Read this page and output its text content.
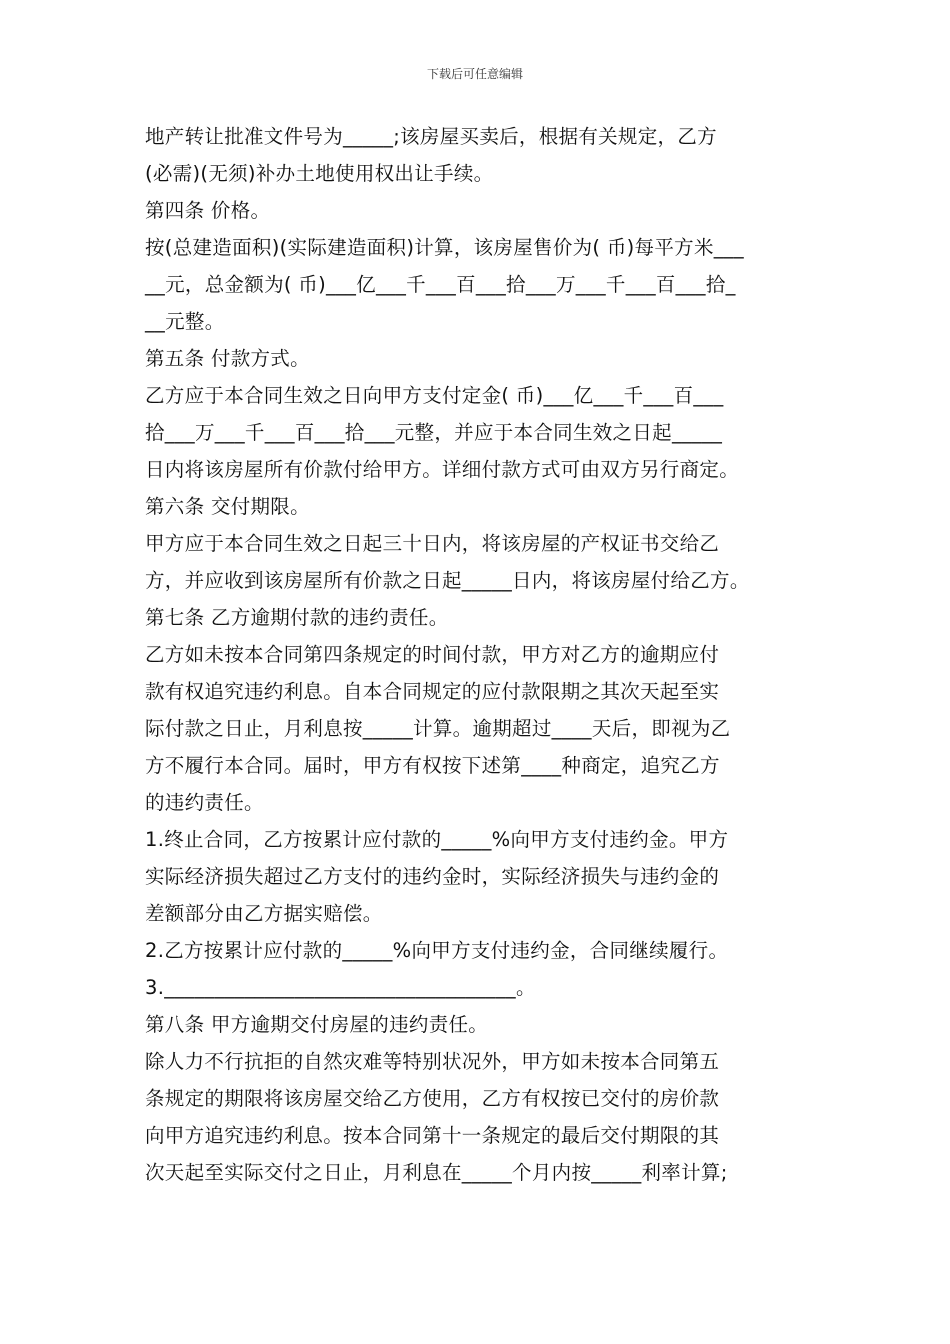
下载后可任意编辑
地产转让批准文件号为_____;该房屋买卖后，根据有关规定，乙方
(必需)(无须)补办土地使用权出让手续。
第四条 价格。
按(总建造面积)(实际建造面积)计算，该房屋售价为( 币)每平方米___
__元，总金额为( 币)___亿___千___百___拾___万___千___百___拾_
__元整。
第五条 付款方式。
乙方应于本合同生效之日向甲方支付定金( 币)___亿___千___百___
拾___万___千___百___拾___元整，并应于本合同生效之日起_____
日内将该房屋所有价款付给甲方。详细付款方式可由双方另行商定。
第六条 交付期限。
甲方应于本合同生效之日起三十日内，将该房屋的产权证书交给乙
方，并应收到该房屋所有价款之日起_____日内，将该房屋付给乙方。
第七条 乙方逾期付款的违约责任。
乙方如未按本合同第四条规定的时间付款，甲方对乙方的逾期应付
款有权追究违约利息。自本合同规定的应付款限期之其次天起至实
际付款之日止，月利息按_____计算。逾期超过____天后，即视为乙
方不履行本合同。届时，甲方有权按下述第____种商定，追究乙方
的违约责任。
1.终止合同，乙方按累计应付款的_____%向甲方支付违约金。甲方
实际经济损失超过乙方支付的违约金时，实际经济损失与违约金的
差额部分由乙方据实赔偿。
2.乙方按累计应付款的_____%向甲方支付违约金，合同继续履行。
3.___________________________________。
第八条 甲方逾期交付房屋的违约责任。
除人力不行抗拒的自然灾难等特别状况外，甲方如未按本合同第五
条规定的期限将该房屋交给乙方使用，乙方有权按已交付的房价款
向甲方追究违约利息。按本合同第十一条规定的最后交付期限的其
次天起至实际交付之日止，月利息在_____个月内按_____利率计算;
